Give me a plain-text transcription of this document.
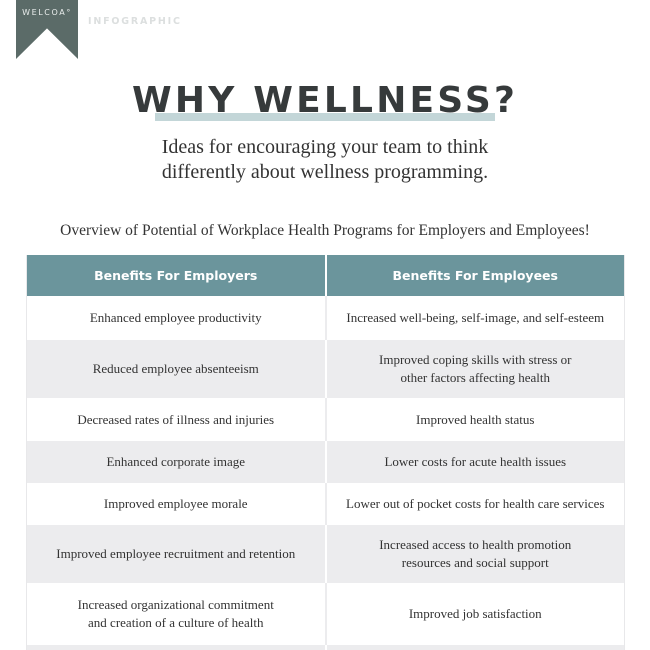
WELCOA°
INFOGRAPHIC
WHY WELLNESS?
Ideas for encouraging your team to think
differently about wellness programming.
Overview of Potential of Workplace Health Programs for Employers and Employees!
Benefits For Employers	Benefits For Employees
Enhanced employee productivity	Increased well-being, self-image, and self-esteem
Reduced employee absenteeism	Improved coping skills with stress or
other factors affecting health

Decreased rates of illness and injuries	Improved health status
Enhanced corporate image	Lower costs for acute health issues
Improved employee morale	Lower out of pocket costs for health care services
Improved employee recruitment and retention	Increased access to health promotion
resources and social support

Increased organizational commitment
and creation of a culture of health	Improved job satisfaction
